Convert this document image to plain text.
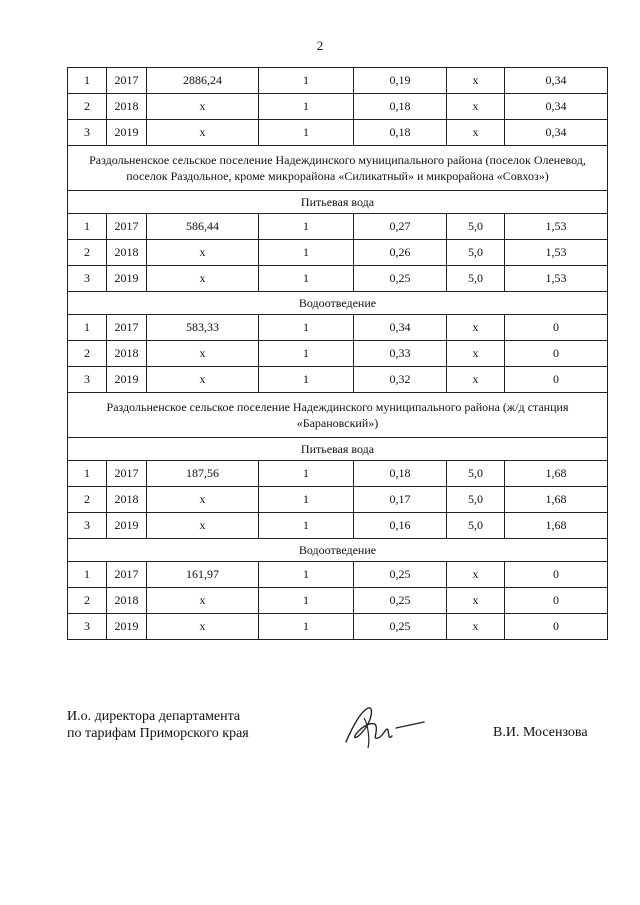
2
1	2017	2886,24	1	0,19	х	0,34
2	2018	х	1	0,18	х	0,34
3	2019	х	1	0,18	х	0,34
Раздольненское сельское поселение Надеждинского муниципального района (поселок Оленевод, поселок Раздольное, кроме микрорайона «Силикатный» и микрорайона «Совхоз»)						
Питьевая вода						
1	2017	586,44	1	0,27	5,0	1,53
2	2018	х	1	0,26	5,0	1,53
3	2019	х	1	0,25	5,0	1,53
Водоотведение						
1	2017	583,33	1	0,34	х	0
2	2018	х	1	0,33	х	0
3	2019	х	1	0,32	х	0
Раздольненское сельское поселение Надеждинского муниципального района (ж/д станция «Барановский»)						
Питьевая вода						
1	2017	187,56	1	0,18	5,0	1,68
2	2018	х	1	0,17	5,0	1,68
3	2019	х	1	0,16	5,0	1,68
Водоотведение						
1	2017	161,97	1	0,25	х	0
2	2018	х	1	0,25	х	0
3	2019	х	1	0,25	х	0
И.о. директора департамента
по тарифам Приморского края	В.И. Мосензова
